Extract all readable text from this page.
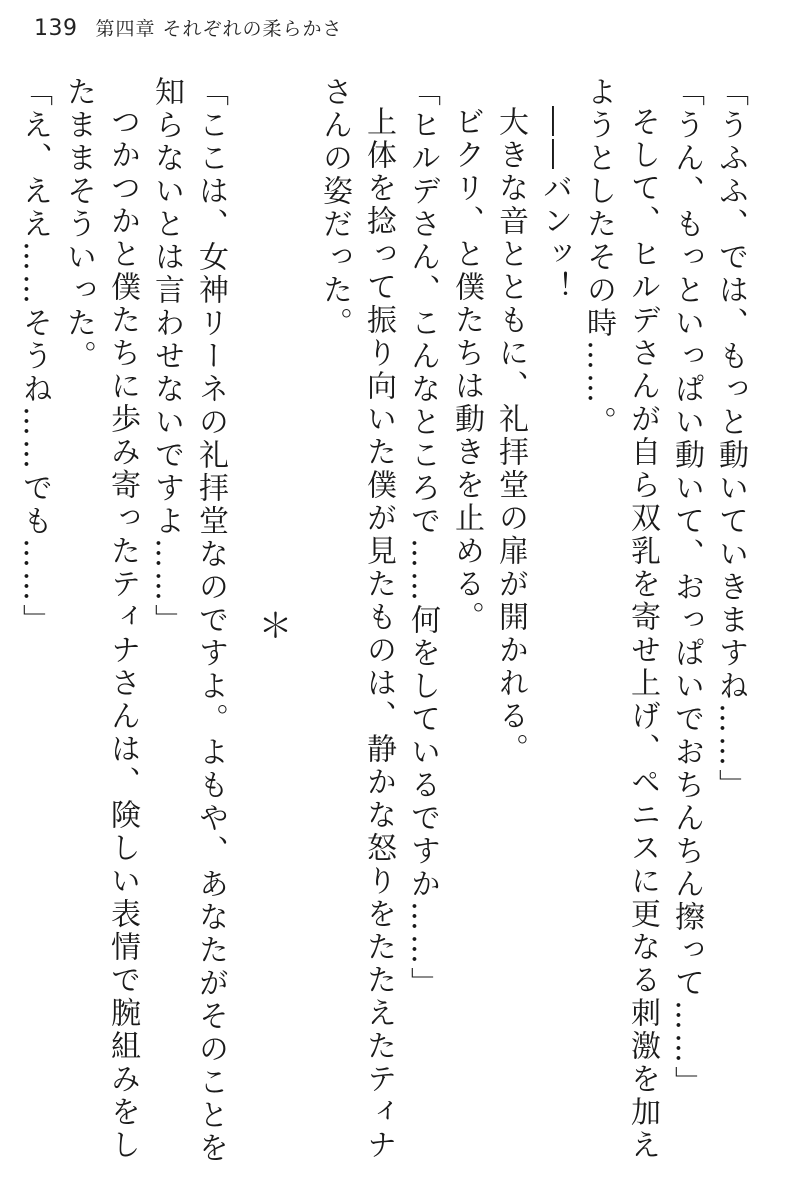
139 第四章 それぞれの柔らかさ

「うふふ、では、もっと動いていきますね……」

「うん、もっといっぱい動いて、おっぱいでおちんちん擦って……」

そして、ヒルデさんが自ら双乳を寄せ上げ、ペニスに更なる刺激を加えようとしたその時……。

――バンッ！

大きな音とともに、礼拝堂の扉が開かれる。

ビクリ、と僕たちは動きを止める。

「ヒルデさん、こんなところで……何をしているですか……」

上体を捻って振り向いた僕が見たものは、静かな怒りをたたえたティナさんの姿だった。

＊

「ここは、女神リーネの礼拝堂なのですよ。よもや、あなたがそのことを知らないとは言わせないですよ……」

つかつかと僕たちに歩み寄ったティナさんは、険しい表情で腕組みをしたままそういった。

「え、ええ……そうね……でも……」
